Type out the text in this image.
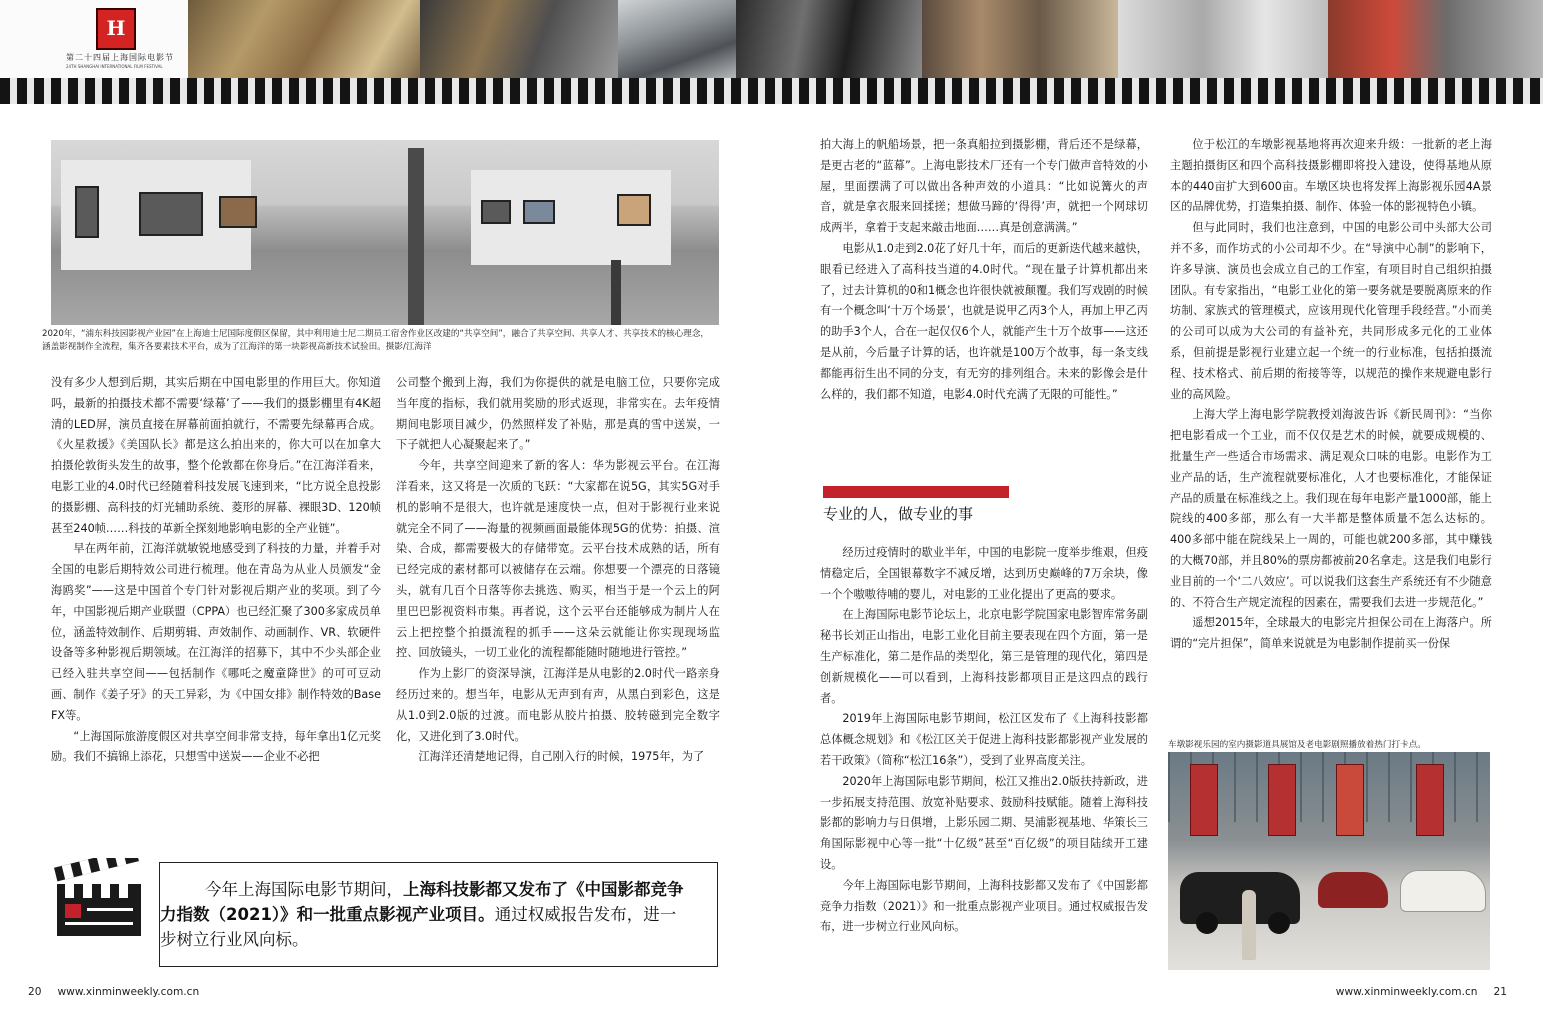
H
第二十四届上海国际电影节
24TH SHANGHAI INTERNATIONAL FILM FESTIVAL
2020年，“浦东科技园影视产业园”在上海迪士尼国际度假区保留，其中利用迪士尼二期员工宿舍作业区改建的“共享空间”，融合了共享空间、共享人才、共享技术的核心理念，涵盖影视制作全流程，集齐各要素技术平台，成为了江海洋的第一块影视高新技术试验田。摄影/江海洋

没有多少人想到后期，其实后期在中国电影里的作用巨大。你知道吗，最新的拍摄技术都不需要‘绿幕’了——我们的摄影棚里有4K超清的LED屏，演员直接在屏幕前面拍就行，不需要先绿幕再合成。《火星救援》《美国队长》都是这么拍出来的，你大可以在加拿大拍摄伦敦街头发生的故事，整个伦敦都在你身后。”在江海洋看来，电影工业的4.0时代已经随着科技发展飞速到来，“比方说全息投影的摄影棚、高科技的灯光辅助系统、菱形的屏幕、裸眼3D、120帧甚至240帧……科技的革新全探刻地影响电影的全产业链”。

早在两年前，江海洋就敏锐地感受到了科技的力量，并着手对全国的电影后期特效公司进行梳理。他在青岛为从业人员颁发“金海鸥奖”——这是中国首个专门针对影视后期产业的奖项。到了今年，中国影视后期产业联盟（CPPA）也已经汇聚了300多家成员单位，涵盖特效制作、后期剪辑、声效制作、动画制作、VR、软硬件设备等多种影视后期领域。在江海洋的招募下，其中不少头部企业已经入驻共享空间——包括制作《哪吒之魔童降世》的可可豆动画、制作《姜子牙》的天工异彩，为《中国女排》制作特效的Base FX等。

“上海国际旅游度假区对共享空间非常支持，每年拿出1亿元奖励。我们不搞锦上添花，只想雪中送炭——企业不必把

公司整个搬到上海，我们为你提供的就是电脑工位，只要你完成当年度的指标，我们就用奖励的形式返现，非常实在。去年疫情期间电影项目减少，仍然照样发了补贴，那是真的雪中送炭，一下子就把人心凝聚起来了。”

今年，共享空间迎来了新的客人：华为影视云平台。在江海洋看来，这又将是一次质的飞跃：“大家都在说5G，其实5G对手机的影响不是很大，也许就是速度快一点，但对于影视行业来说就完全不同了——海量的视频画面最能体现5G的优势：拍摄、渲染、合成，都需要极大的存储带宽。云平台技术成熟的话，所有已经完成的素材都可以被储存在云端。你想要一个漂亮的日落镜头，就有几百个日落等你去挑选、购买，相当于是一个云上的阿里巴巴影视资料市集。再者说，这个云平台还能够成为制片人在云上把控整个拍摄流程的抓手——这朵云就能让你实现现场监控、回放镜头，一切工业化的流程都能随时随地进行管控。”

作为上影厂的资深导演，江海洋是从电影的2.0时代一路亲身经历过来的。想当年，电影从无声到有声，从黑白到彩色，这是从1.0到2.0版的过渡。而电影从胶片拍摄、胶转磁到完全数字化，又进化到了3.0时代。

江海洋还清楚地记得，自己刚入行的时候，1975年，为了

拍大海上的帆船场景，把一条真船拉到摄影棚，背后还不是绿幕，是更古老的“蓝幕”。上海电影技术厂还有一个专门做声音特效的小屋，里面摆满了可以做出各种声效的小道具：“比如说篝火的声音，就是拿衣服来回揉搓；想做马蹄的‘得得’声，就把一个网球切成两半，拿着于支起来敲击地面……真是创意满满。”

电影从1.0走到2.0花了好几十年，而后的更新迭代越来越快，眼看已经进入了高科技当道的4.0时代。“现在量子计算机都出来了，过去计算机的0和1概念也许很快就被颠覆。我们写戏剧的时候有一个概念叫‘十万个场景’，也就是说甲乙丙3个人，再加上甲乙丙的助手3个人，合在一起仅仅6个人，就能产生十万个故事——这还是从前，今后量子计算的话，也许就是100万个故事，每一条支线都能再衍生出不同的分支，有无穷的排列组合。未来的影像会是什么样的，我们都不知道，电影4.0时代充满了无限的可能性。”

专业的人，做专业的事

经历过疫情时的歇业半年，中国的电影院一度举步维艰，但疫情稳定后，全国银幕数字不减反增，达到历史巅峰的7万余块，像一个个嗷嗷待哺的婴儿，对电影的工业化提出了更高的要求。

在上海国际电影节论坛上，北京电影学院国家电影智库常务副秘书长刘正山指出，电影工业化目前主要表现在四个方面，第一是生产标准化，第二是作品的类型化，第三是管理的现代化，第四是创新规模化——可以看到，上海科技影都项目正是这四点的践行者。

2019年上海国际电影节期间，松江区发布了《上海科技影都总体概念规划》和《松江区关于促进上海科技影都影视产业发展的若干政策》（简称“松江16条”），受到了业界高度关注。

2020年上海国际电影节期间，松江又推出2.0版扶持新政，进一步拓展支持范围、放宽补贴要求、鼓励科技赋能。随着上海科技影都的影响力与日俱增，上影乐园二期、昊浦影视基地、华策长三角国际影视中心等一批“十亿级”甚至“百亿级”的项目陆续开工建设。

今年上海国际电影节期间，上海科技影都又发布了《中国影都竞争力指数（2021）》和一批重点影视产业项目。通过权威报告发布，进一步树立行业风向标。

位于松江的车墩影视基地将再次迎来升级：一批新的老上海主题拍摄街区和四个高科技摄影棚即将投入建设，使得基地从原本的440亩扩大到600亩。车墩区块也将发挥上海影视乐园4A景区的品牌优势，打造集拍摄、制作、体验一体的影视特色小镇。

但与此同时，我们也注意到，中国的电影公司中头部大公司并不多，而作坊式的小公司却不少。在“导演中心制”的影响下，许多导演、演员也会成立自己的工作室，有项目时自己组织拍摄团队。有专家指出，“电影工业化的第一要务就是要脱离原来的作坊制、家族式的管理模式，应该用现代化管理手段经营。”小而美的公司可以成为大公司的有益补充，共同形成多元化的工业体系，但前提是影视行业建立起一个统一的行业标准，包括拍摄流程、技术格式、前后期的衔接等等，以规范的操作来规避电影行业的高风险。

上海大学上海电影学院教授刘海波告诉《新民周刊》：“当你把电影看成一个工业，而不仅仅是艺术的时候，就要成规模的、批量生产一些适合市场需求、满足观众口味的电影。电影作为工业产品的话，生产流程就要标准化，人才也要标准化，才能保证产品的质量在标准线之上。我们现在每年电影产量1000部，能上院线的400多部，那么有一大半都是整体质量不怎么达标的。400多部中能在院线呆上一周的，可能也就200多部，其中赚钱的大概70部，并且80%的票房都被前20名拿走。这是我们电影行业目前的一个‘二八效应’。可以说我们这套生产系统还有不少随意的、不符合生产规定流程的因素在，需要我们去进一步规范化。”

遥想2015年，全球最大的电影完片担保公司在上海落户。所谓的“完片担保”，简单来说就是为电影制作提前买一份保

车墩影视乐园的室内摄影道具展馆及老电影剧照播放着热门打卡点。
今年上海国际电影节期间，上海科技影都又发布了《中国影都竞争力指数（2021）》和一批重点影视产业项目。通过权威报告发布，进一步树立行业风向标。
20 www.xinminweekly.com.cn	www.xinminweekly.com.cn 21
